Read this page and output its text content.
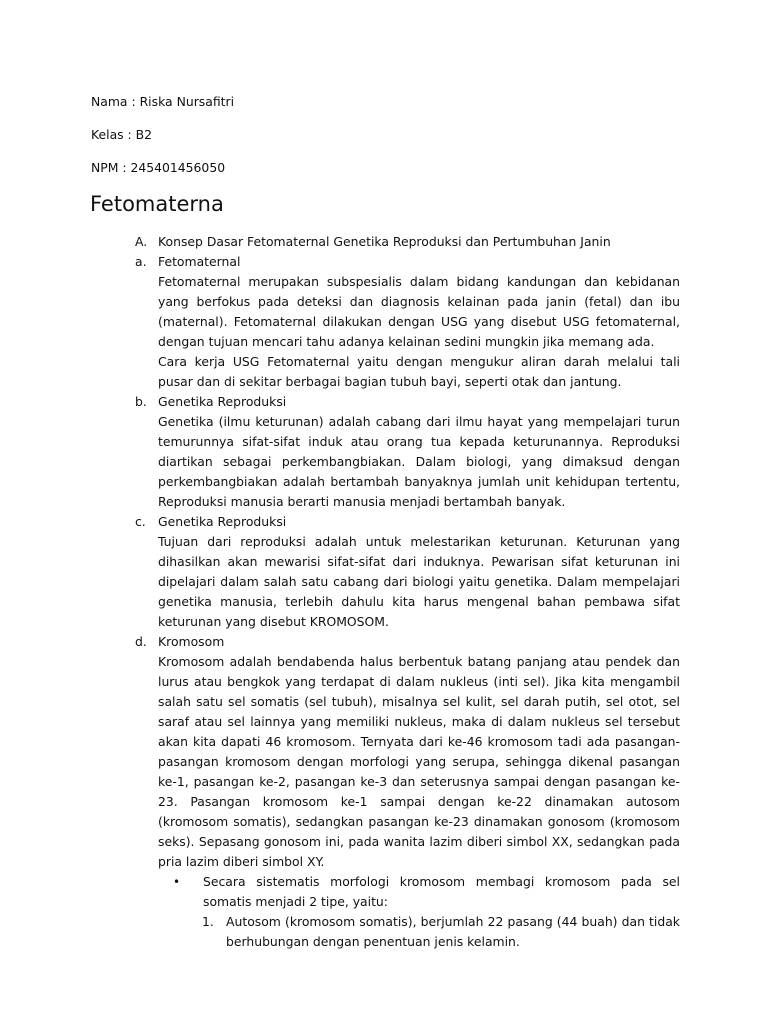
Nama : Riska Nursafitri

Kelas : B2

NPM : 245401456050

Fetomaterna
A. Konsep Dasar Fetomaternal Genetika Reproduksi dan Pertumbuhan Janin
a. Fetomaternal
Fetomaternal merupakan subspesialis dalam bidang kandungan dan kebidanan yang berfokus pada deteksi dan diagnosis kelainan pada janin (fetal) dan ibu (maternal). Fetomaternal dilakukan dengan USG yang disebut USG fetomaternal, dengan tujuan mencari tahu adanya kelainan sedini mungkin jika memang ada.
Cara kerja USG Fetomaternal yaitu dengan mengukur aliran darah melalui tali pusar dan di sekitar berbagai bagian tubuh bayi, seperti otak dan jantung.
b. Genetika Reproduksi
Genetika (ilmu keturunan) adalah cabang dari ilmu hayat yang mempelajari turun temurunnya sifat-sifat induk atau orang tua kepada keturunannya. Reproduksi diartikan sebagai perkembangbiakan. Dalam biologi, yang dimaksud dengan perkembangbiakan adalah bertambah banyaknya jumlah unit kehidupan tertentu, Reproduksi manusia berarti manusia menjadi bertambah banyak.
c. Genetika Reproduksi
Tujuan dari reproduksi adalah untuk melestarikan keturunan. Keturunan yang dihasilkan akan mewarisi sifat-sifat dari induknya. Pewarisan sifat keturunan ini dipelajari dalam salah satu cabang dari biologi yaitu genetika. Dalam mempelajari genetika manusia, terlebih dahulu kita harus mengenal bahan pembawa sifat keturunan yang disebut KROMOSOM.
d. Kromosom
Kromosom adalah bendabenda halus berbentuk batang panjang atau pendek dan lurus atau bengkok yang terdapat di dalam nukleus (inti sel). Jika kita mengambil salah satu sel somatis (sel tubuh), misalnya sel kulit, sel darah putih, sel otot, sel saraf atau sel lainnya yang memiliki nukleus, maka di dalam nukleus sel tersebut akan kita dapati 46 kromosom. Ternyata dari ke-46 kromosom tadi ada pasangan-pasangan kromosom dengan morfologi yang serupa, sehingga dikenal pasangan ke-1, pasangan ke-2, pasangan ke-3 dan seterusnya sampai dengan pasangan ke-23. Pasangan kromosom ke-1 sampai dengan ke-22 dinamakan autosom (kromosom somatis), sedangkan pasangan ke-23 dinamakan gonosom (kromosom seks). Sepasang gonosom ini, pada wanita lazim diberi simbol XX, sedangkan pada pria lazim diberi simbol XY.
• Secara sistematis morfologi kromosom membagi kromosom pada sel somatis menjadi 2 tipe, yaitu:
1. Autosom (kromosom somatis), berjumlah 22 pasang (44 buah) dan tidak berhubungan dengan penentuan jenis kelamin.
